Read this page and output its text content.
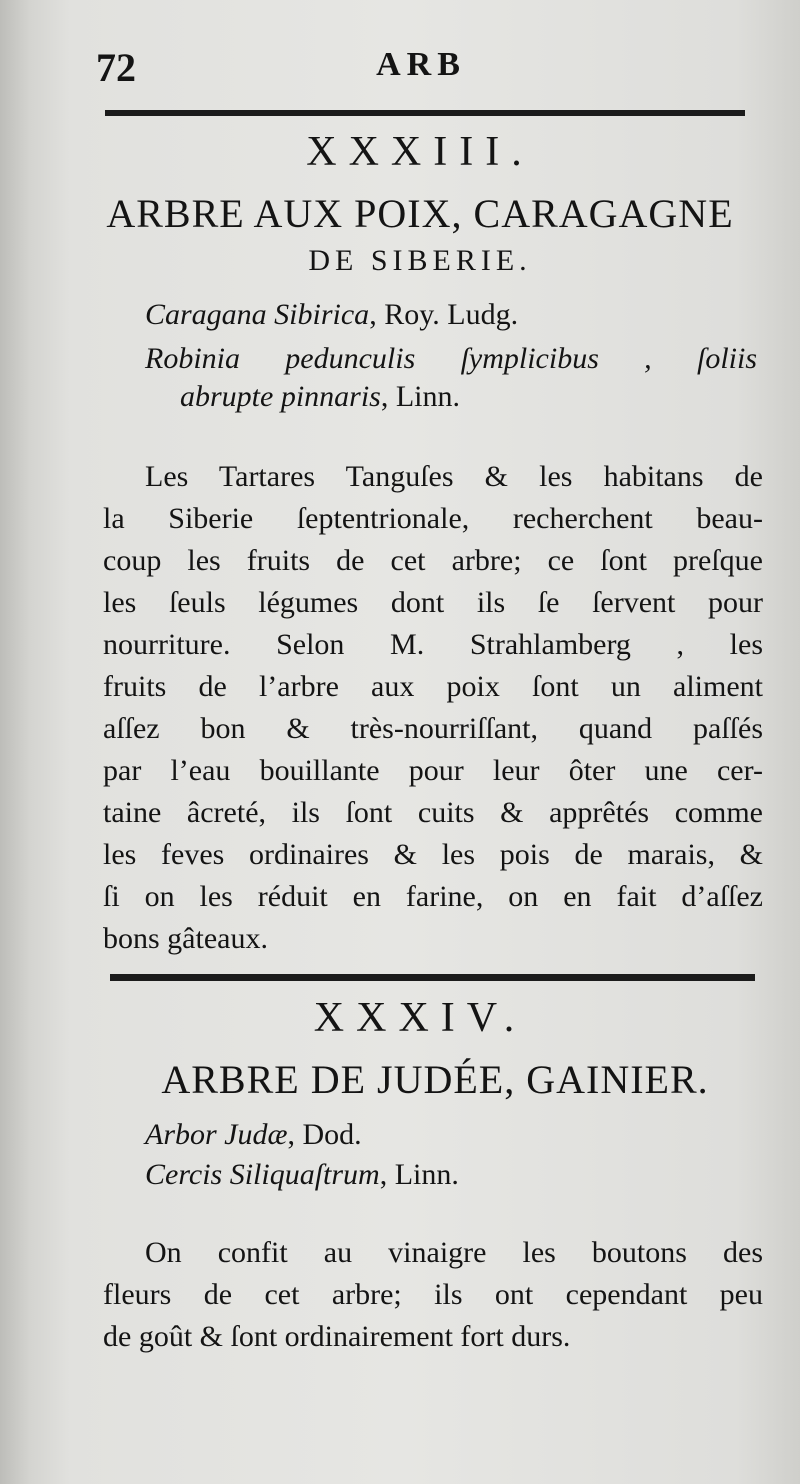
72	ARB
XXXIII.
ARBRE AUX POIX, CARAGAGNE
DE SIBERIE.
Caragana Sibirica, Roy. Ludg.
Robinia pedunculis ſymplicibus , ſoliis
abrupte pinnaris, Linn.
Les Tartares Tanguſes & les habitans de
la Siberie ſeptentrionale, recherchent beau-
coup les fruits de cet arbre; ce ſont preſque
les ſeuls légumes dont ils ſe ſervent pour
nourriture. Selon M. Strahlamberg , les
fruits de l’arbre aux poix ſont un aliment
aſſez bon & très-nourriſſant, quand paſſés
par l’eau bouillante pour leur ôter une cer-
taine âcreté, ils ſont cuits & apprêtés comme
les feves ordinaires & les pois de marais, &
ſi on les réduit en farine, on en fait d’aſſez
bons gâteaux.
XXXIV.
ARBRE DE JUDÉE, GAINIER.
Arbor Judæ, Dod.
Cercis Siliquaſtrum, Linn.
On confit au vinaigre les boutons des
fleurs de cet arbre; ils ont cependant peu
de goût & ſont ordinairement fort durs.
